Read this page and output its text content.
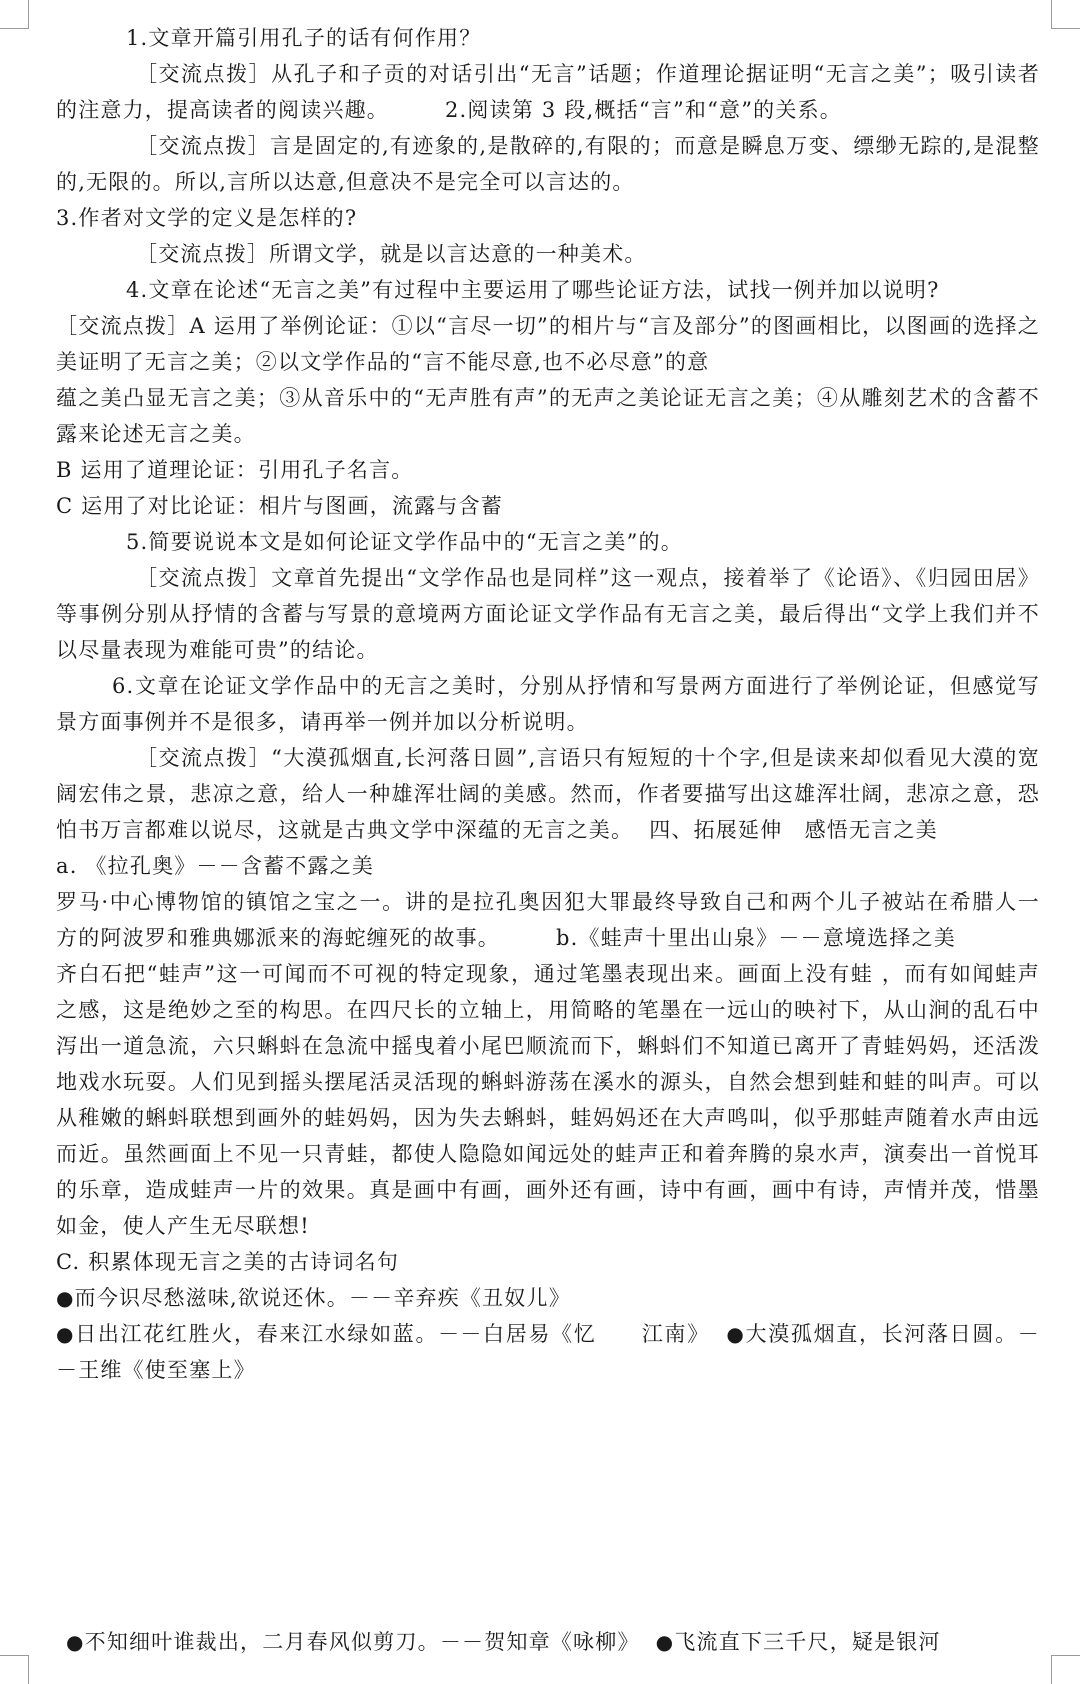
1.文章开篇引用孔子的话有何作用？

［交流点拨］从孔子和子贡的对话引出“无言”话题；作道理论据证明“无言之美”；吸引读者的注意力，提高读者的阅读兴趣。	2.阅读第 3 段,概括“言”和“意”的关系。

［交流点拨］言是固定的,有迹象的,是散碎的,有限的；而意是瞬息万变、缥缈无踪的,是混整的,无限的。所以,言所以达意,但意决不是完全可以言达的。

3.作者对文学的定义是怎样的?

［交流点拨］所谓文学，就是以言达意的一种美术。

4.文章在论述“无言之美”有过程中主要运用了哪些论证方法，试找一例并加以说明?

［交流点拨］A 运用了举例论证：①以“言尽一切”的相片与“言及部分”的图画相比，以图画的选择之美证明了无言之美；②以文学作品的“言不能尽意,也不必尽意”的意

蕴之美凸显无言之美；③从音乐中的“无声胜有声”的无声之美论证无言之美；④从雕刻艺术的含蓄不露来论述无言之美。

B 运用了道理论证：引用孔子名言。

C 运用了对比论证：相片与图画，流露与含蓄

5.简要说说本文是如何论证文学作品中的“无言之美”的。

［交流点拨］文章首先提出“文学作品也是同样”这一观点，接着举了《论语》、《归园田居》等事例分别从抒情的含蓄与写景的意境两方面论证文学作品有无言之美，最后得出“文学上我们并不以尽量表现为难能可贵”的结论。

6.文章在论证文学作品中的无言之美时，分别从抒情和写景两方面进行了举例论证，但感觉写景方面事例并不是很多，请再举一例并加以分析说明。

［交流点拨］“大漠孤烟直,长河落日圆”,言语只有短短的十个字,但是读来却似看见大漠的宽阔宏伟之景，悲凉之意，给人一种雄浑壮阔的美感。然而，作者要描写出这雄浑壮阔，悲凉之意，恐怕书万言都难以说尽，这就是古典文学中深蕴的无言之美。 四、拓展延伸　感悟无言之美

a. 《拉孔奥》－－含蓄不露之美

罗马·中心博物馆的镇馆之宝之一。讲的是拉孔奥因犯大罪最终导致自己和两个儿子被站在希腊人一方的阿波罗和雅典娜派来的海蛇缠死的故事。	b.《蛙声十里出山泉》－－意境选择之美

齐白石把“蛙声”这一可闻而不可视的特定现象，通过笔墨表现出来。画面上没有蛙 ，而有如闻蛙声之感，这是绝妙之至的构思。在四尺长的立轴上，用简略的笔墨在一远山的映衬下，从山涧的乱石中泻出一道急流，六只蝌蚪在急流中摇曳着小尾巴顺流而下，蝌蚪们不知道已离开了青蛙妈妈，还活泼地戏水玩耍。人们见到摇头摆尾活灵活现的蝌蚪游荡在溪水的源头，自然会想到蛙和蛙的叫声。可以从稚嫩的蝌蚪联想到画外的蛙妈妈，因为失去蝌蚪，蛙妈妈还在大声鸣叫，似乎那蛙声随着水声由远而近。虽然画面上不见一只青蛙，都使人隐隐如闻远处的蛙声正和着奔腾的泉水声，演奏出一首悦耳的乐章，造成蛙声一片的效果。真是画中有画，画外还有画，诗中有画，画中有诗，声情并茂，惜墨如金，使人产生无尽联想!

C. 积累体现无言之美的古诗词名句

●而今识尽愁滋味,欲说还休。－－辛弃疾《丑奴儿》

●日出江花红胜火，春来江水绿如蓝。－－白居易《忆　　江南》 ●大漠孤烟直，长河落日圆。－－王维《使至塞上》

●不知细叶谁裁出，二月春风似剪刀。－－贺知章《咏柳》 ●飞流直下三千尺，疑是银河
